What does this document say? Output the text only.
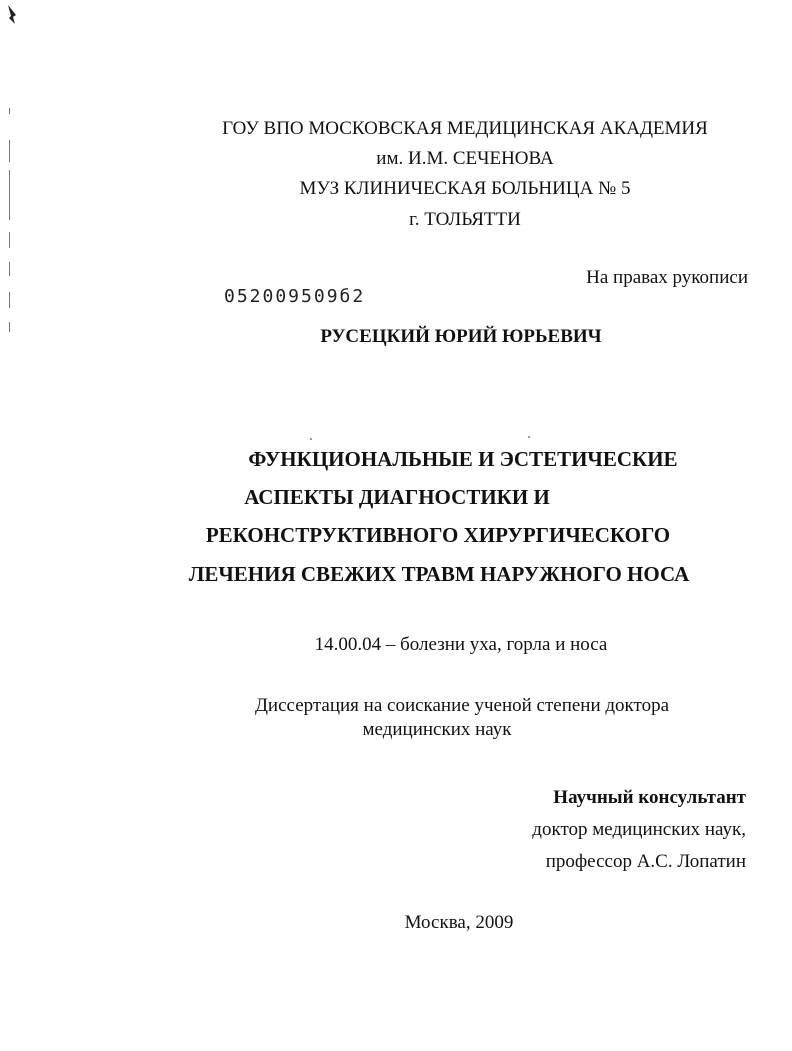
ГОУ ВПО МОСКОВСКАЯ МЕДИЦИНСКАЯ АКАДЕМИЯ
им. И.М. СЕЧЕНОВА
МУЗ КЛИНИЧЕСКАЯ БОЛЬНИЦА № 5
г. ТОЛЬЯТТИ
На правах рукописи
052009509б2
РУСЕЦКИЙ ЮРИЙ ЮРЬЕВИЧ
ФУНКЦИОНАЛЬНЫЕ И ЭСТЕТИЧЕСКИЕ
АСПЕКТЫ ДИАГНОСТИКИ И
РЕКОНСТРУКТИВНОГО ХИРУРГИЧЕСКОГО
ЛЕЧЕНИЯ СВЕЖИХ ТРАВМ НАРУЖНОГО НОСА
14.00.04 – болезни уха, горла и носа
Диссертация на соискание ученой степени доктора
медицинских наук
Научный консультант
доктор медицинских наук,
профессор А.С. Лопатин
Москва, 2009
